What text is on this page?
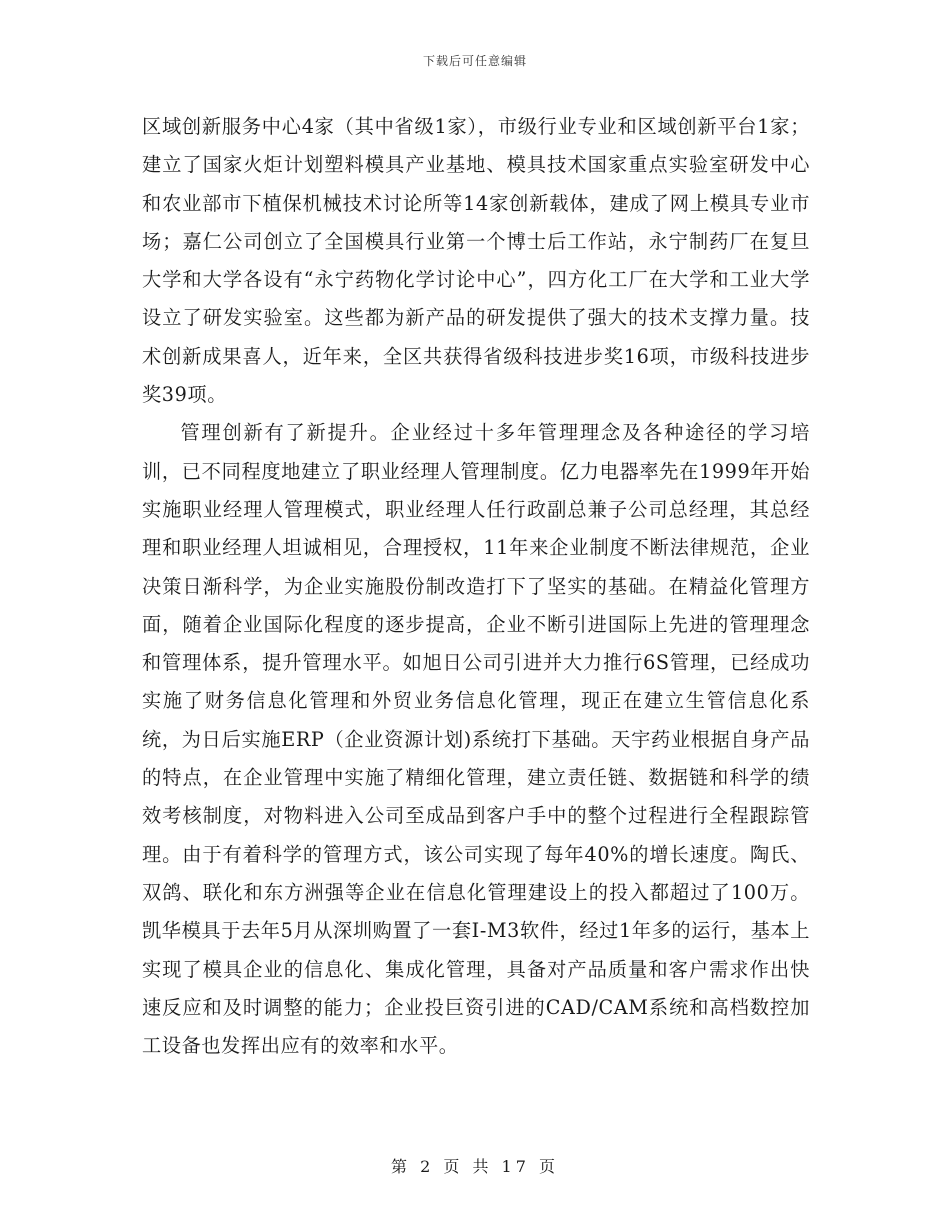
下载后可任意编辑

区域创新服务中心4家（其中省级1家），市级行业专业和区域创新平台1家；建立了国家火炬计划塑料模具产业基地、模具技术国家重点实验室研发中心和农业部市下植保机械技术讨论所等14家创新载体，建成了网上模具专业市场；嘉仁公司创立了全国模具行业第一个博士后工作站，永宁制药厂在复旦大学和大学各设有“永宁药物化学讨论中心”，四方化工厂在大学和工业大学设立了研发实验室。这些都为新产品的研发提供了强大的技术支撑力量。技术创新成果喜人，近年来，全区共获得省级科技进步奖16项，市级科技进步奖39项。

管理创新有了新提升。企业经过十多年管理理念及各种途径的学习培训，已不同程度地建立了职业经理人管理制度。亿力电器率先在1999年开始实施职业经理人管理模式，职业经理人任行政副总兼子公司总经理，其总经理和职业经理人坦诚相见，合理授权，11年来企业制度不断法律规范，企业决策日渐科学，为企业实施股份制改造打下了坚实的基础。在精益化管理方面，随着企业国际化程度的逐步提高，企业不断引进国际上先进的管理理念和管理体系，提升管理水平。如旭日公司引进并大力推行6S管理，已经成功实施了财务信息化管理和外贸业务信息化管理，现正在建立生管信息化系统，为日后实施ERP（企业资源计划)系统打下基础。天宇药业根据自身产品的特点，在企业管理中实施了精细化管理，建立责任链、数据链和科学的绩效考核制度，对物料进入公司至成品到客户手中的整个过程进行全程跟踪管理。由于有着科学的管理方式，该公司实现了每年40%的增长速度。陶氏、双鸽、联化和东方洲强等企业在信息化管理建设上的投入都超过了100万。凯华模具于去年5月从深圳购置了一套I-M3软件，经过1年多的运行，基本上实现了模具企业的信息化、集成化管理，具备对产品质量和客户需求作出快速反应和及时调整的能力；企业投巨资引进的CAD/CAM系统和高档数控加工设备也发挥出应有的效率和水平。

第 2 页 共 17 页
